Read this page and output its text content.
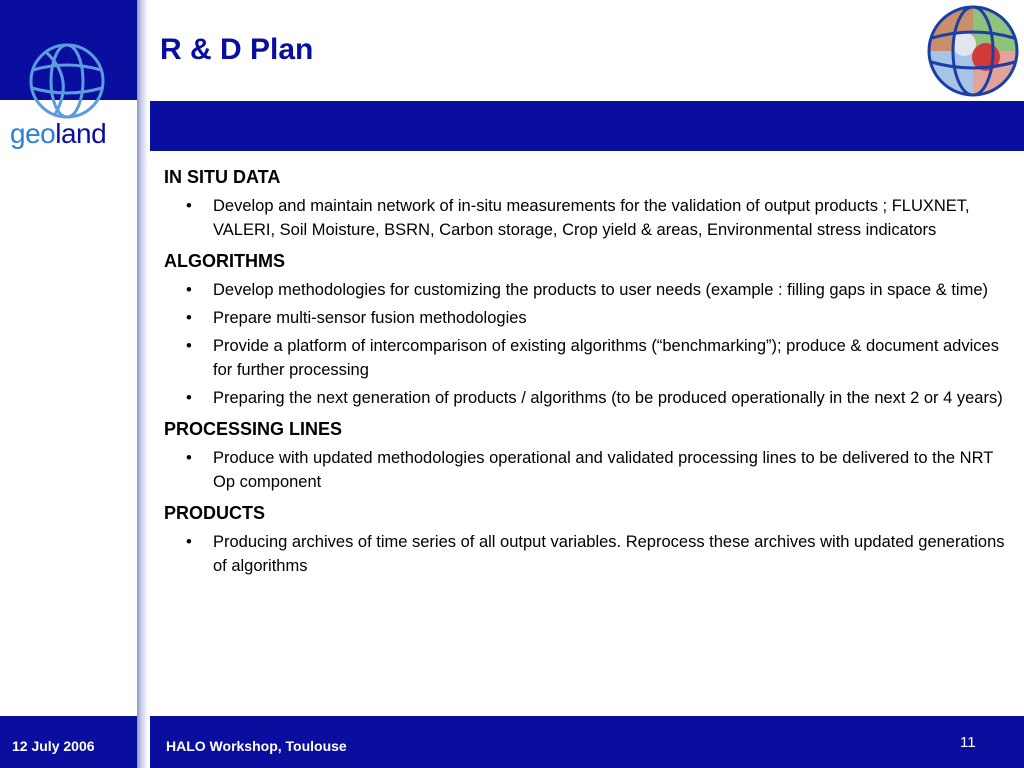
geoland
R & D Plan
IN SITU DATA
• Develop and maintain network of in-situ measurements for the validation of output products ; FLUXNET, VALERI, Soil Moisture, BSRN, Carbon storage, Crop yield & areas, Environmental stress indicators
ALGORITHMS
• Develop methodologies for customizing the products to user needs (example : filling gaps in space & time)
• Prepare multi-sensor fusion methodologies
• Provide a platform of intercomparison of existing algorithms (“benchmarking”); produce & document advices for further processing
• Preparing the next generation of products / algorithms (to be produced operationally in the next 2 or 4 years)
PROCESSING LINES
• Produce with updated methodologies operational and validated processing lines to be delivered to the NRT Op component
PRODUCTS
• Producing archives of time series of all output variables. Reprocess these archives with updated generations of algorithms
12 July 2006	HALO Workshop, Toulouse	11
